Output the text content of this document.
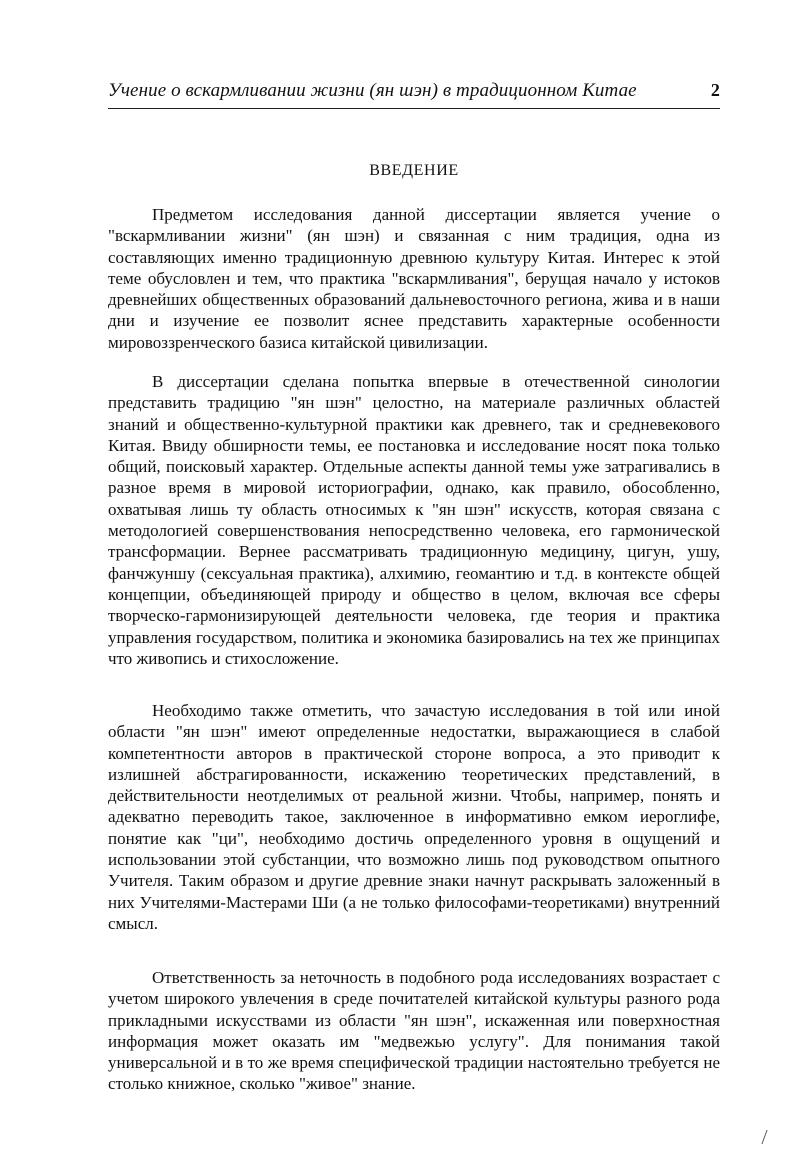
Учение о вскармливании жизни (ян шэн) в традиционном Китае	2
ВВЕДЕНИЕ

Предметом исследования данной диссертации является учение о "вскармливании жизни" (ян шэн) и связанная с ним традиция, одна из составляющих именно традиционную древнюю культуру Китая. Интерес к этой теме обусловлен и тем, что практика "вскармливания", берущая начало у истоков древнейших общественных образований дальневосточного региона, жива и в наши дни и изучение ее позволит яснее представить характерные особенности мировоззренческого базиса китайской цивилизации.

В диссертации сделана попытка впервые в отечественной синологии представить традицию "ян шэн" целостно, на материале различных областей знаний и общественно-культурной практики как древнего, так и средневекового Китая. Ввиду обширности темы, ее постановка и исследование носят пока только общий, поисковый характер. Отдельные аспекты данной темы уже затрагивались в разное время в мировой историографии, однако, как правило, обособленно, охватывая лишь ту область относимых к "ян шэн" искусств, которая связана с методологией совершенствования непосредственно человека, его гармонической трансформации. Вернее рассматривать традиционную медицину, цигун, ушу, фанчжуншу (сексуальная практика), алхимию, геомантию и т.д. в контексте общей концепции, объединяющей природу и общество в целом, включая все сферы творческо-гармонизирующей деятельности человека, где теория и практика управления государством, политика и экономика базировались на тех же принципах что живопись и стихосложение.

Необходимо также отметить, что зачастую исследования в той или иной области "ян шэн" имеют определенные недостатки, выражающиеся в слабой компетентности авторов в практической стороне вопроса, а это приводит к излишней абстрагированности, искажению теоретических представлений, в действительности неотделимых от реальной жизни. Чтобы, например, понять и адекватно переводить такое, заключенное в информативно емком иероглифе, понятие как "ци", необходимо достичь определенного уровня в ощущений и использовании этой субстанции, что возможно лишь под руководством опытного Учителя. Таким образом и другие древние знаки начнут раскрывать заложенный в них Учителями-Мастерами Ши (а не только философами-теоретиками) внутренний смысл.

Ответственность за неточность в подобного рода исследованиях возрастает с учетом широкого увлечения в среде почитателей китайской культуры разного рода прикладными искусствами из области "ян шэн", искаженная или поверхностная информация может оказать им "медвежью услугу". Для понимания такой универсальной и в то же время специфической традиции настоятельно требуется не столько книжное, сколько "живое" знание.
